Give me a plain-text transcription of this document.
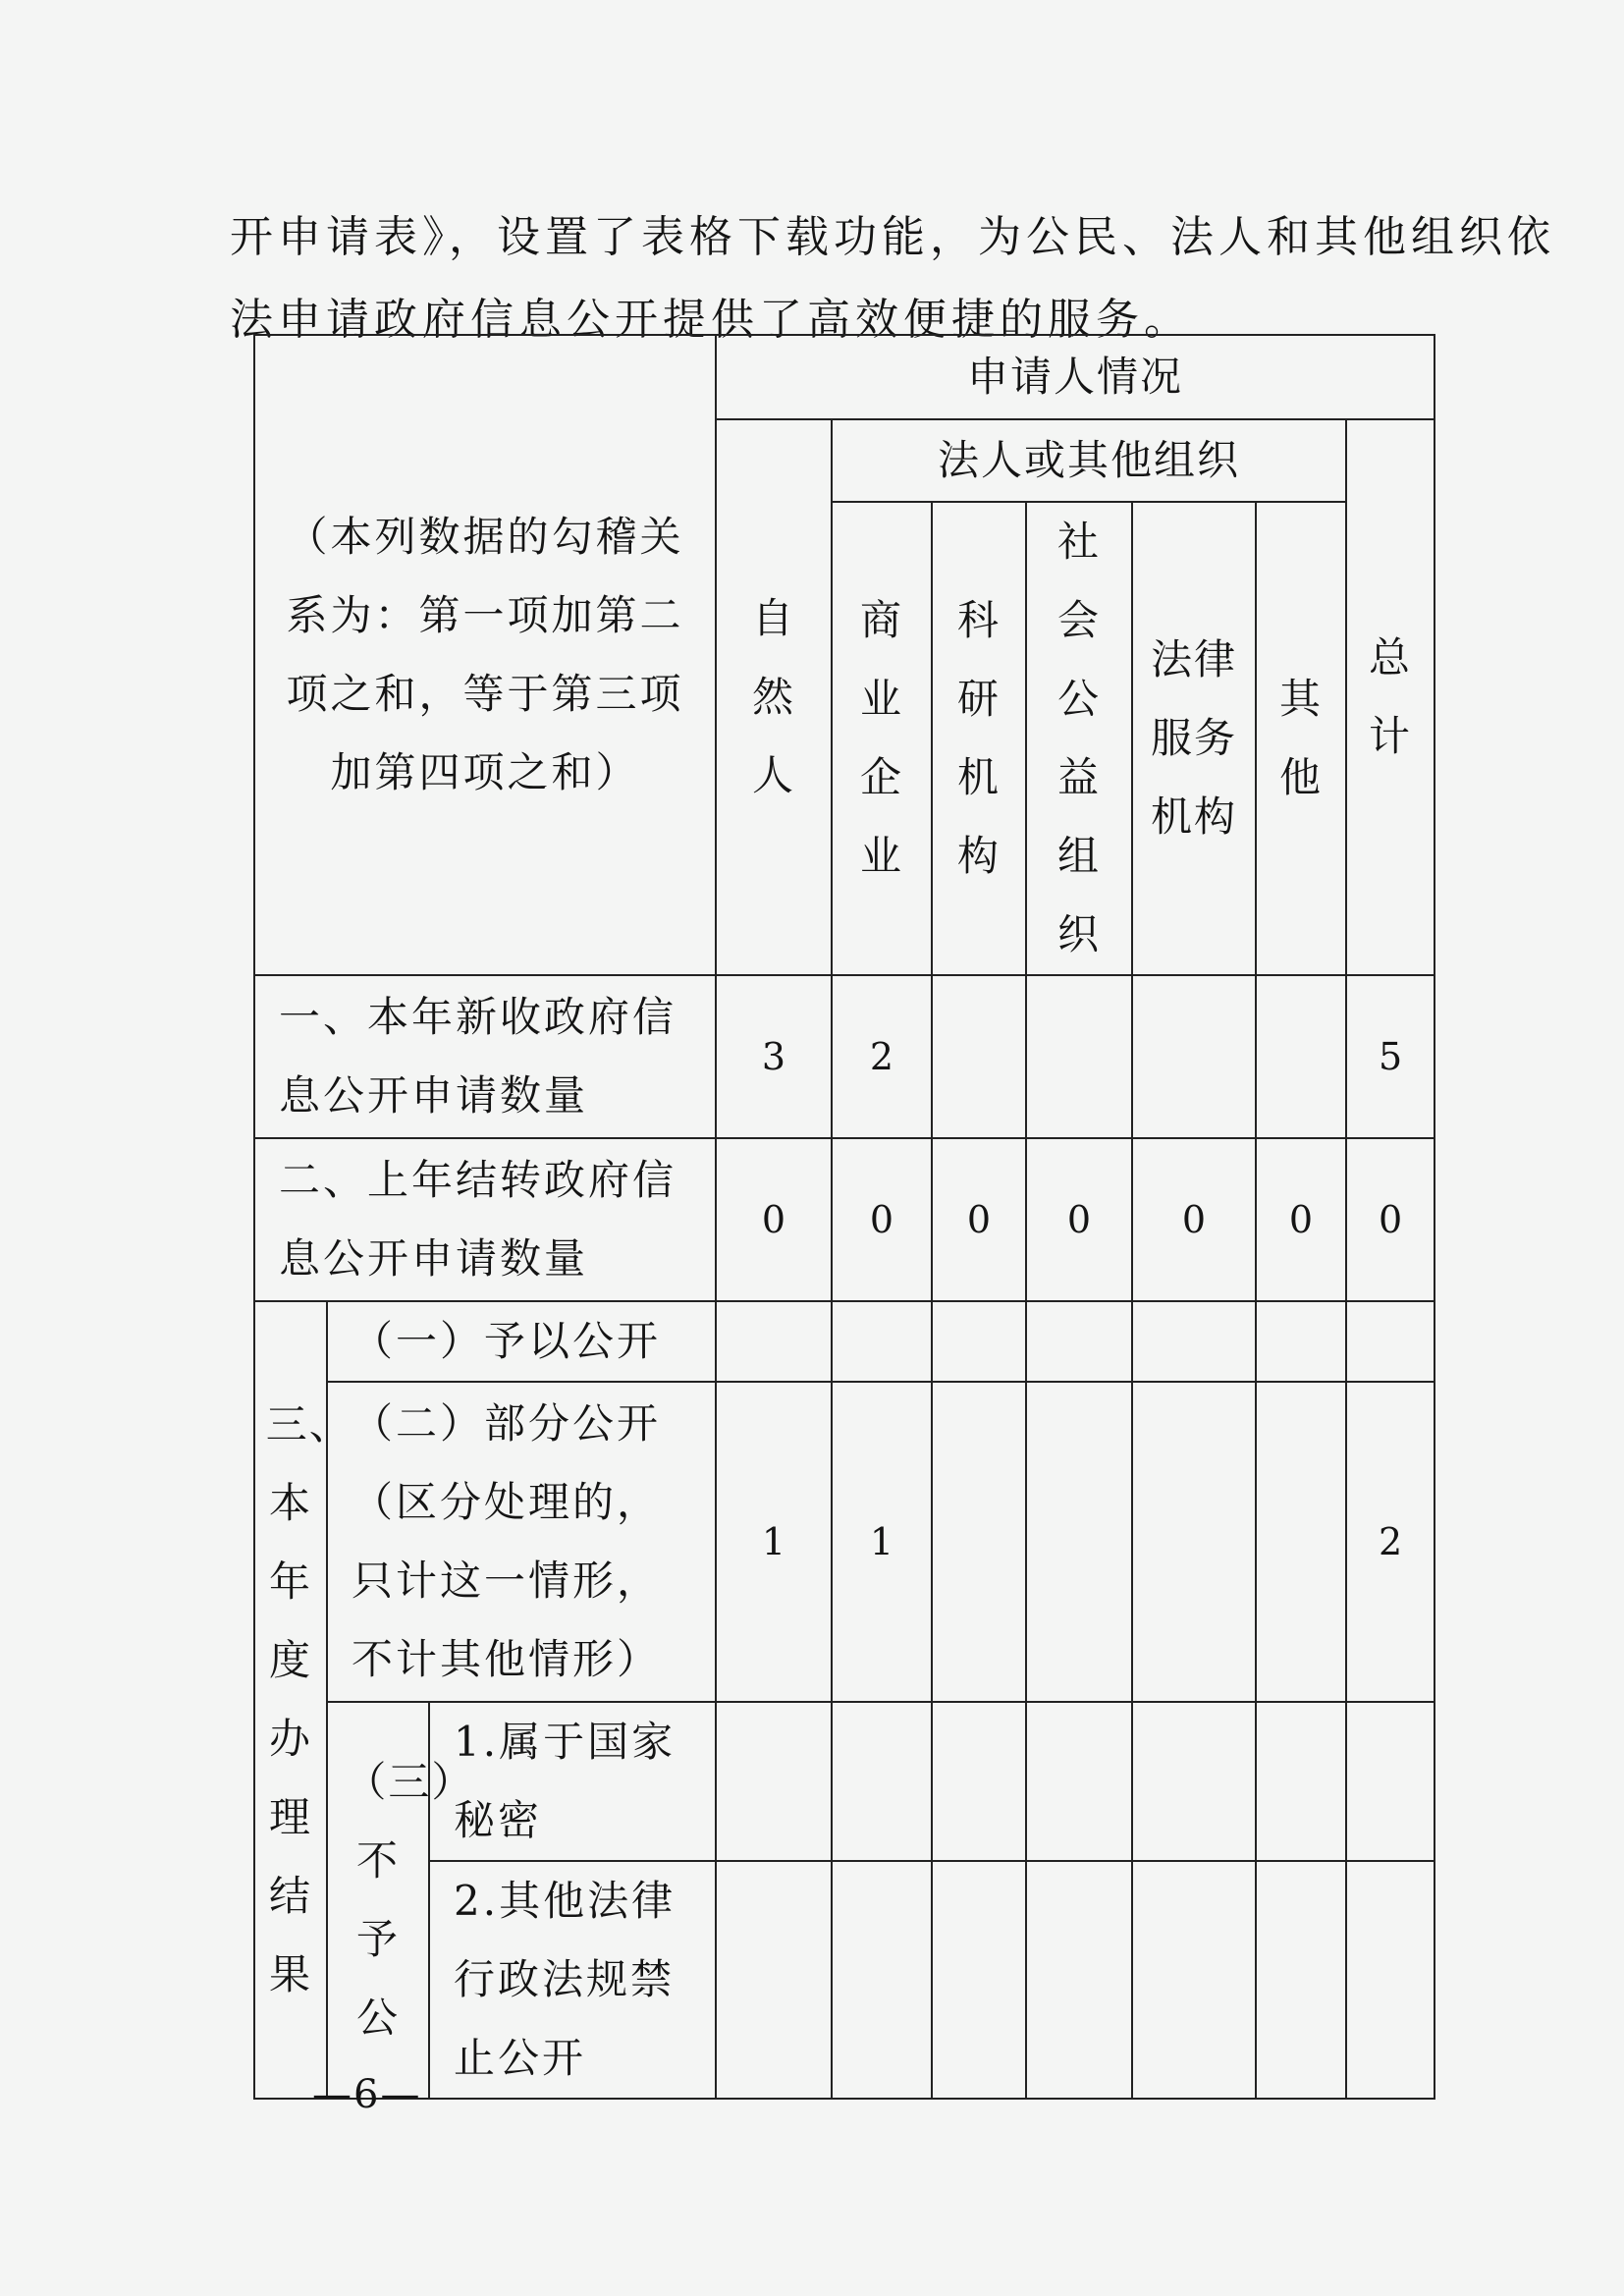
开申请表》，设置了表格下载功能，为公民、法人和其他组织依
法申请政府信息公开提供了高效便捷的服务。
（本列数据的勾稽关系为：第一项加第二项之和，等于第三项加第四项之和）			申请人情况						
			自然人	法人或其他组织					总计
				商业企业	科研机构	社会公益组织	法律服务机构	其他	
一、本年新收政府信息公开申请数量			3	2					5
二、上年结转政府信息公开申请数量			0	0	0	0	0	0	0
三、本年度办理结果	（一）予以公开								
	（二）部分公开（区分处理的，只计这一情形，不计其他情形）		1	1					2
	（三）不予公	1.属于国家秘密							
		2.其他法律行政法规禁止公开							
—6—
